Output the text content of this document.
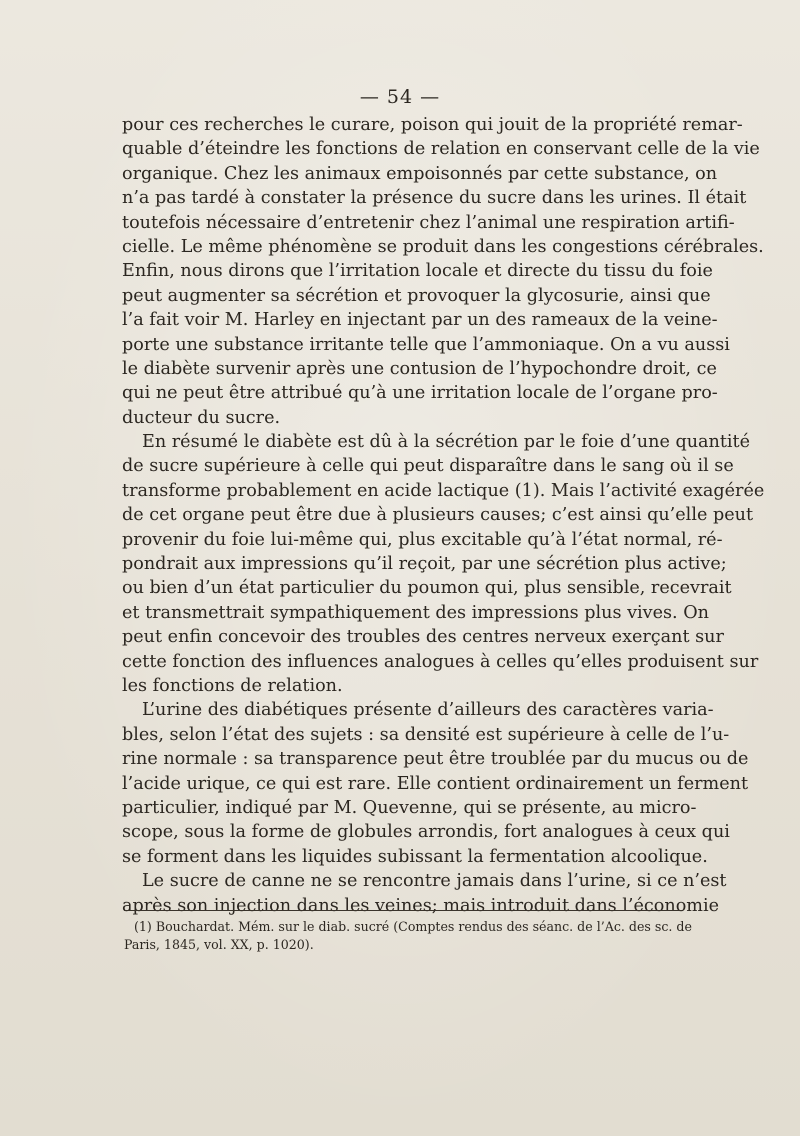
— 54 —
pour ces recherches le curare, poison qui jouit de la propriété remar-
quable d’éteindre les fonctions de relation en conservant celle de la vie
organique. Chez les animaux empoisonnés par cette substance, on
n’a pas tardé à constater la présence du sucre dans les urines. Il était
toutefois nécessaire d’entretenir chez l’animal une respiration artifi-
cielle. Le même phénomène se produit dans les congestions cérébrales.
Enfin, nous dirons que l’irritation locale et directe du tissu du foie
peut augmenter sa sécrétion et provoquer la glycosurie, ainsi que
l’a fait voir M. Harley en injectant par un des rameaux de la veine-
porte une substance irritante telle que l’ammoniaque. On a vu aussi
le diabète survenir après une contusion de l’hypochondre droit, ce
qui ne peut être attribué qu’à une irritation locale de l’organe pro-
ducteur du sucre.
En résumé le diabète est dû à la sécrétion par le foie d’une quantité
de sucre supérieure à celle qui peut disparaître dans le sang où il se
transforme probablement en acide lactique (1). Mais l’activité exagérée
de cet organe peut être due à plusieurs causes; c’est ainsi qu’elle peut
provenir du foie lui-même qui, plus excitable qu’à l’état normal, ré-
pondrait aux impressions qu’il reçoit, par une sécrétion plus active;
ou bien d’un état particulier du poumon qui, plus sensible, recevrait
et transmettrait sympathiquement des impressions plus vives. On
peut enfin concevoir des troubles des centres nerveux exerçant sur
cette fonction des influences analogues à celles qu’elles produisent sur
les fonctions de relation.
L’urine des diabétiques présente d’ailleurs des caractères varia-
bles, selon l’état des sujets : sa densité est supérieure à celle de l’u-
rine normale : sa transparence peut être troublée par du mucus ou de
l’acide urique, ce qui est rare. Elle contient ordinairement un ferment
particulier, indiqué par M. Quevenne, qui se présente, au micro-
scope, sous la forme de globules arrondis, fort analogues à ceux qui
se forment dans les liquides subissant la fermentation alcoolique.
Le sucre de canne ne se rencontre jamais dans l’urine, si ce n’est
après son injection dans les veines; mais introduit dans l’économie
(1) Bouchardat. Mém. sur le diab. sucré (Comptes rendus des séanc. de l’Ac. des sc. de
Paris, 1845, vol. XX, p. 1020).
